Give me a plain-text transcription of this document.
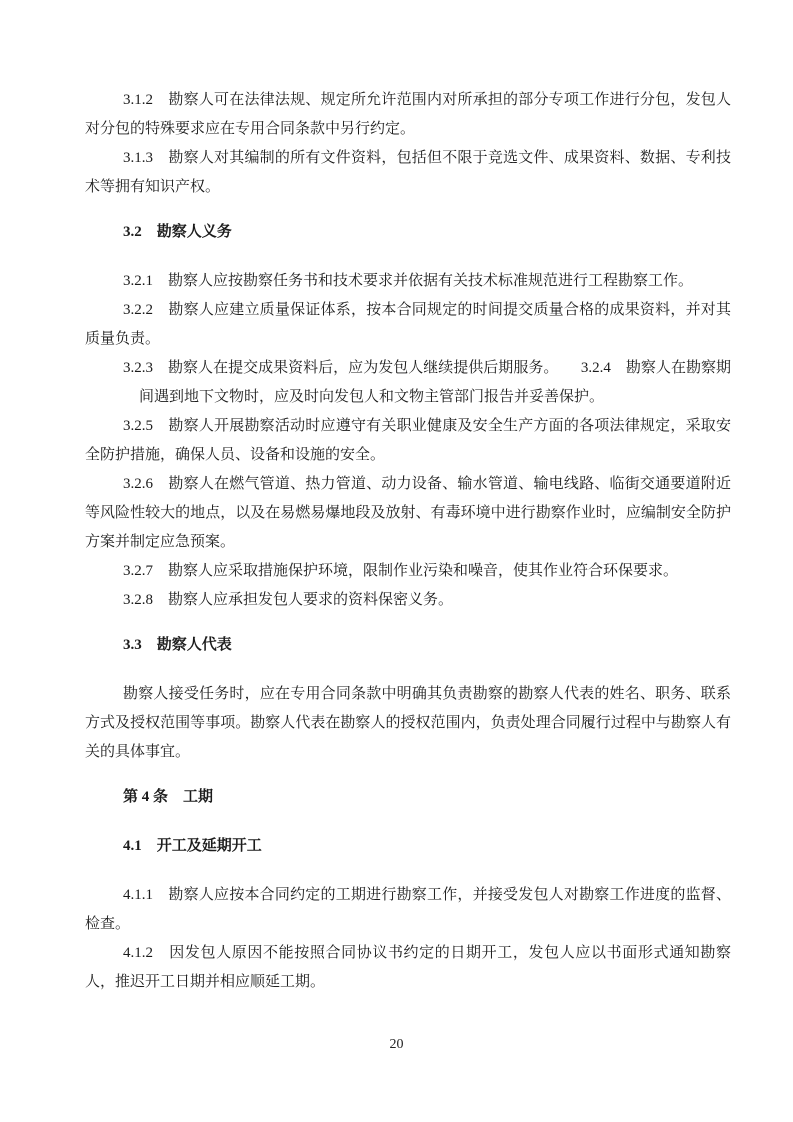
3.1.2　勘察人可在法律法规、规定所允许范围内对所承担的部分专项工作进行分包，发包人对分包的特殊要求应在专用合同条款中另行约定。
3.1.3　勘察人对其编制的所有文件资料，包括但不限于竞选文件、成果资料、数据、专利技术等拥有知识产权。
3.2　勘察人义务
3.2.1　勘察人应按勘察任务书和技术要求并依据有关技术标准规范进行工程勘察工作。
3.2.2　勘察人应建立质量保证体系，按本合同规定的时间提交质量合格的成果资料，并对其质量负责。
3.2.3　勘察人在提交成果资料后，应为发包人继续提供后期服务。　　3.2.4　勘察人在勘察期间遇到地下文物时，应及时向发包人和文物主管部门报告并妥善保护。
3.2.5　勘察人开展勘察活动时应遵守有关职业健康及安全生产方面的各项法律规定，采取安全防护措施，确保人员、设备和设施的安全。
3.2.6　勘察人在燃气管道、热力管道、动力设备、输水管道、输电线路、临街交通要道附近等风险性较大的地点，以及在易燃易爆地段及放射、有毒环境中进行勘察作业时，应编制安全防护方案并制定应急预案。
3.2.7　勘察人应采取措施保护环境，限制作业污染和噪音，使其作业符合环保要求。
3.2.8　勘察人应承担发包人要求的资料保密义务。
3.3　勘察人代表
勘察人接受任务时，应在专用合同条款中明确其负责勘察的勘察人代表的姓名、职务、联系方式及授权范围等事项。勘察人代表在勘察人的授权范围内，负责处理合同履行过程中与勘察人有关的具体事宜。
第 4 条　工期
4.1　开工及延期开工
4.1.1　勘察人应按本合同约定的工期进行勘察工作，并接受发包人对勘察工作进度的监督、检查。
4.1.2　因发包人原因不能按照合同协议书约定的日期开工，发包人应以书面形式通知勘察人，推迟开工日期并相应顺延工期。
20
